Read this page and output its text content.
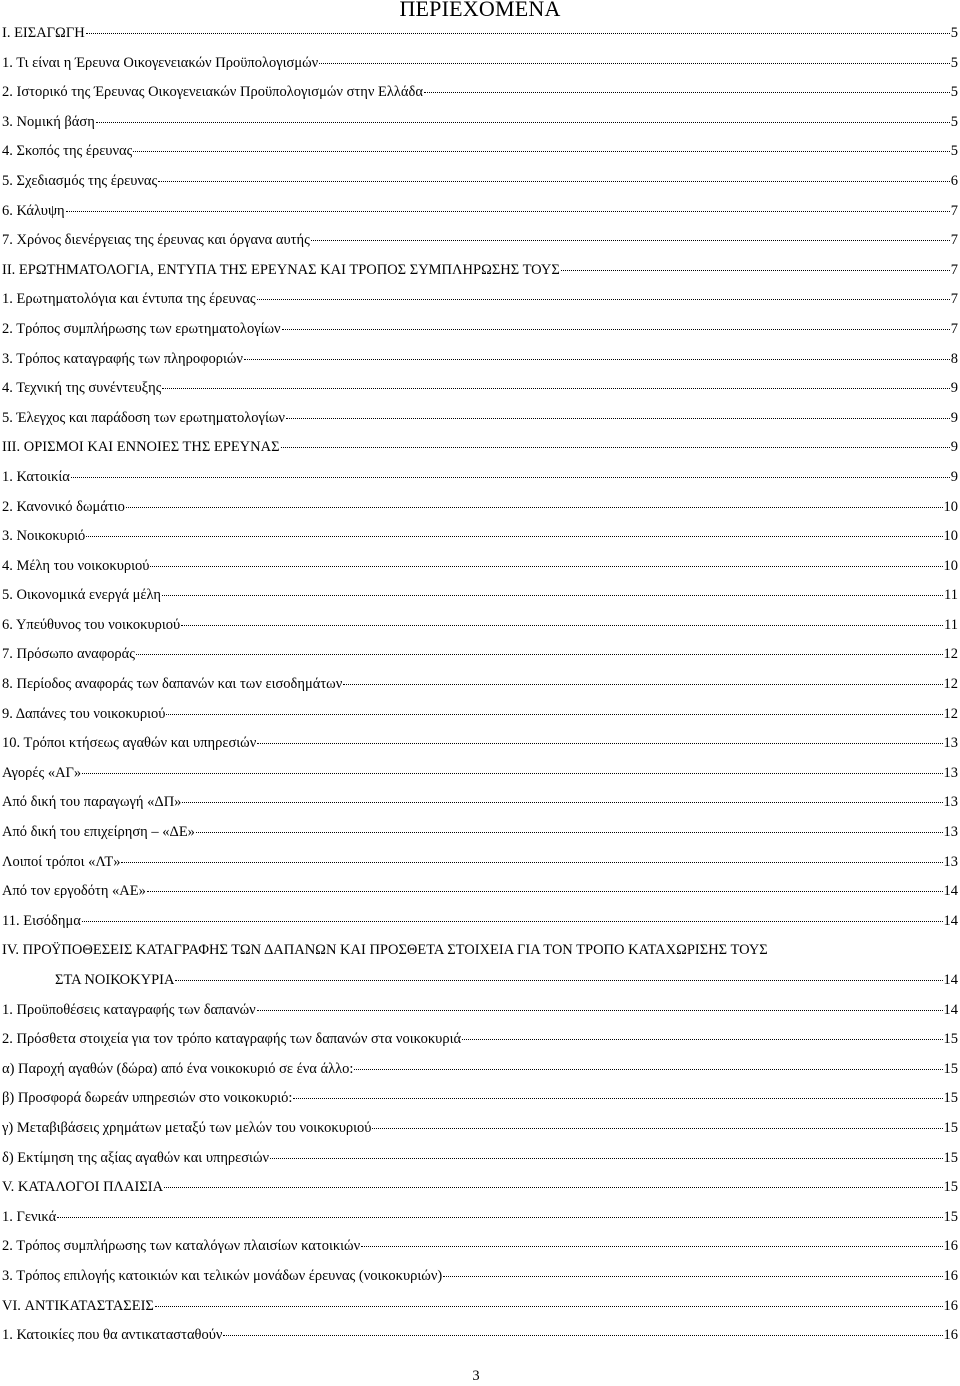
ΠΕΡΙΕΧΟΜΕΝΑ
I. ΕΙΣΑΓΩΓΗ	5
1. Τι είναι η Έρευνα Οικογενειακών Προϋπολογισμών	5
2. Ιστορικό της Έρευνας Οικογενειακών Προϋπολογισμών στην Ελλάδα	5
3. Νομική βάση	5
4. Σκοπός της έρευνας	5
5. Σχεδιασμός της έρευνας	6
6. Κάλυψη	7
7. Χρόνος διενέργειας της έρευνας και όργανα αυτής	7
II. ΕΡΩΤΗΜΑΤΟΛΟΓΙΑ, ΕΝΤΥΠΑ ΤΗΣ ΕΡΕΥΝΑΣ ΚΑΙ ΤΡΟΠΟΣ ΣΥΜΠΛΗΡΩΣΗΣ ΤΟΥΣ	7
1. Ερωτηματολόγια και έντυπα της έρευνας	7
2. Τρόπος συμπλήρωσης των ερωτηματολογίων	7
3. Τρόπος καταγραφής των πληροφοριών	8
4. Τεχνική της συνέντευξης	9
5. Έλεγχος και παράδοση των ερωτηματολογίων	9
III. ΟΡΙΣΜΟΙ ΚΑΙ ΕΝΝΟΙΕΣ ΤΗΣ ΕΡΕΥΝΑΣ	9
1. Κατοικία	9
2. Κανονικό δωμάτιο	10
3. Νοικοκυριό	10
4. Μέλη του νοικοκυριού	10
5. Οικονομικά ενεργά μέλη	11
6. Υπεύθυνος του νοικοκυριού	11
7. Πρόσωπο αναφοράς	12
8. Περίοδος αναφοράς των δαπανών και των εισοδημάτων	12
9. Δαπάνες του νοικοκυριού	12
10. Τρόποι κτήσεως αγαθών και υπηρεσιών	13
Αγορές «ΑΓ»	13
Από δική του παραγωγή «ΔΠ»	13
Από δική του επιχείρηση – «ΔΕ»	13
Λοιποί τρόποι «ΛΤ»	13
Από τον εργοδότη «ΑΕ»	14
11. Εισόδημα	14
IV. ΠΡΟΫΠΟΘΕΣΕΙΣ ΚΑΤΑΓΡΑΦΗΣ ΤΩΝ ΔΑΠΑΝΩΝ ΚΑΙ ΠΡΟΣΘΕΤΑ ΣΤΟΙΧΕΙΑ ΓΙΑ ΤΟΝ ΤΡΟΠΟ ΚΑΤΑΧΩΡΙΣΗΣ ΤΟΥΣ
ΣΤΑ ΝΟΙΚΟΚΥΡΙΑ	14
1. Προϋποθέσεις καταγραφής των δαπανών	14
2. Πρόσθετα στοιχεία για τον τρόπο καταγραφής των δαπανών στα νοικοκυριά	15
α) Παροχή αγαθών (δώρα) από ένα νοικοκυριό σε ένα άλλο:	15
β) Προσφορά δωρεάν υπηρεσιών στο νοικοκυριό:	15
γ) Μεταβιβάσεις χρημάτων μεταξύ των μελών του νοικοκυριού	15
δ) Εκτίμηση της αξίας αγαθών και υπηρεσιών	15
V. ΚΑΤΑΛΟΓΟΙ ΠΛΑΙΣΙΑ	15
1. Γενικά	15
2. Τρόπος συμπλήρωσης των καταλόγων πλαισίων κατοικιών	16
3. Τρόπος επιλογής κατοικιών και τελικών μονάδων έρευνας (νοικοκυριών)	16
VI. ΑΝΤΙΚΑΤΑΣΤΑΣΕΙΣ	16
1. Κατοικίες που θα αντικατασταθούν	16
3
